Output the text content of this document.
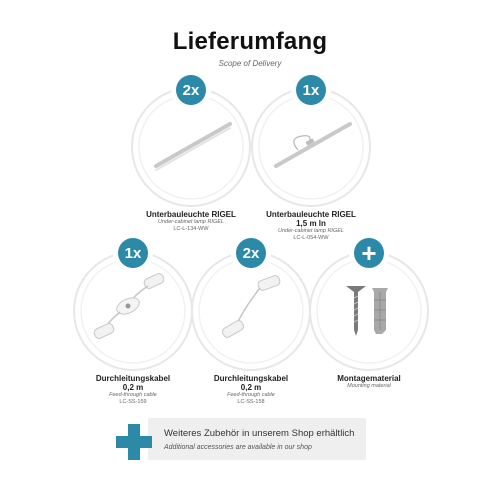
Lieferumfang
Scope of Delivery
2x
Unterbauleuchte RIGEL
Under-cabinet lamp RIGEL
LC-L-134-WW
1x
Unterbauleuchte RIGEL
1,5 m ln
Under-cabinet lamp RIGEL
LC-L-054-WW
1x
Durchleitungskabel
0,2 m
Feed-through cable
LC-SS-159
2x
Durchleitungskabel
0,2 m
Feed-through cable
LC-SS-158
+
Montagematerial
Mounting material
Weiteres Zubehör in unserem Shop erhältlich
Additional accessories are available in our shop
